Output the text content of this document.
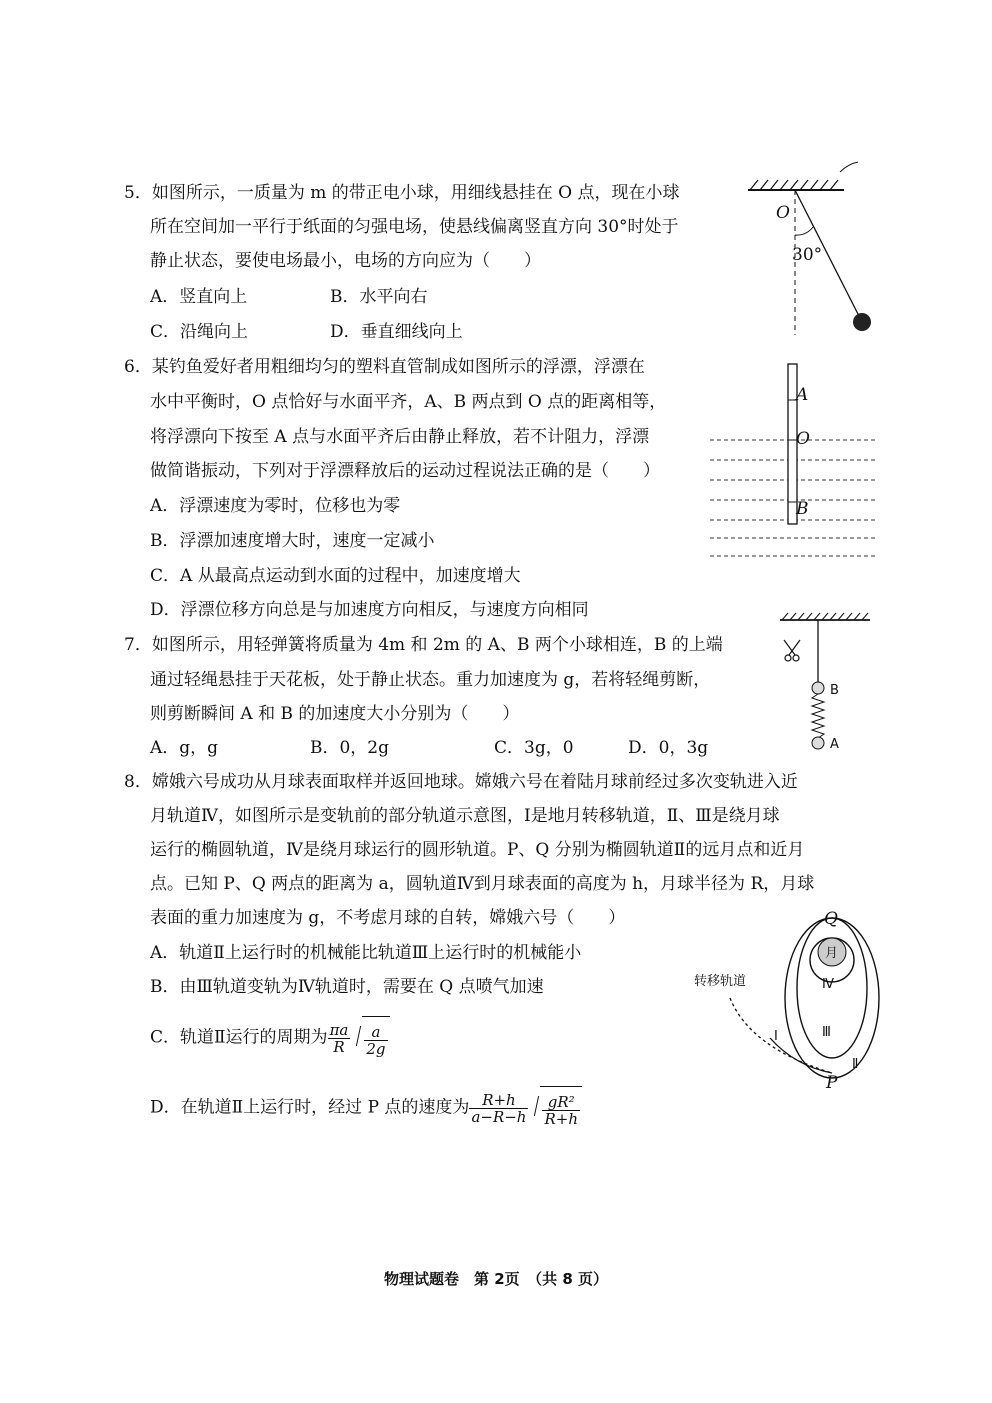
5．如图所示，一质量为 m 的带正电小球，用细线悬挂在 O 点，现在小球
所在空间加一平行于纸面的匀强电场，使悬线偏离竖直方向 30°时处于
静止状态，要使电场最小，电场的方向应为（　　）
A．竖直向上	B．水平向右
C．沿绳向上	D．垂直细线向上
O
30°
6．某钓鱼爱好者用粗细均匀的塑料直管制成如图所示的浮漂，浮漂在
水中平衡时，O 点恰好与水面平齐，A、B 两点到 O 点的距离相等，
将浮漂向下按至 A 点与水面平齐后由静止释放，若不计阻力，浮漂
做简谐振动，下列对于浮漂释放后的运动过程说法正确的是（　　）
A．浮漂速度为零时，位移也为零
B．浮漂加速度增大时，速度一定减小
C．A 从最高点运动到水面的过程中，加速度增大
D．浮漂位移方向总是与加速度方向相反，与速度方向相同
A
O
B
7．如图所示，用轻弹簧将质量为 4m 和 2m 的 A、B 两个小球相连，B 的上端
通过轻绳悬挂于天花板，处于静止状态。重力加速度为 g，若将轻绳剪断，
则剪断瞬间 A 和 B 的加速度大小分别为（　　）
A．g，g	B．0，2g	C．3g，0	D．0，3g
B
A
8．嫦娥六号成功从月球表面取样并返回地球。嫦娥六号在着陆月球前经过多次变轨进入近
月轨道Ⅳ，如图所示是变轨前的部分轨道示意图，Ⅰ是地月转移轨道，Ⅱ、Ⅲ是绕月球
运行的椭圆轨道，Ⅳ是绕月球运行的圆形轨道。P、Q 分别为椭圆轨道Ⅱ的远月点和近月
点。已知 P、Q 两点的距离为 a，圆轨道Ⅳ到月球表面的高度为 h，月球半径为 R，月球
表面的重力加速度为 g，不考虑月球的自转，嫦娥六号（　　）
A．轨道Ⅱ上运行时的机械能比轨道Ⅲ上运行时的机械能小
B．由Ⅲ轨道变轨为Ⅳ轨道时，需要在 Q 点喷气加速
C．轨道Ⅱ运行的周期为 $\frac{\pi a}{R} \frac{a}{2g}$
D．在轨道Ⅱ上运行时，经过 P 点的速度为 $\frac{R+h}{a-R-h} \frac{\text{gR²}}{R+h}$
Q
月
Ⅳ
Ⅲ
Ⅰ
Ⅱ
P
转移轨道
物理试题卷　第 2页　（共 8 页）
